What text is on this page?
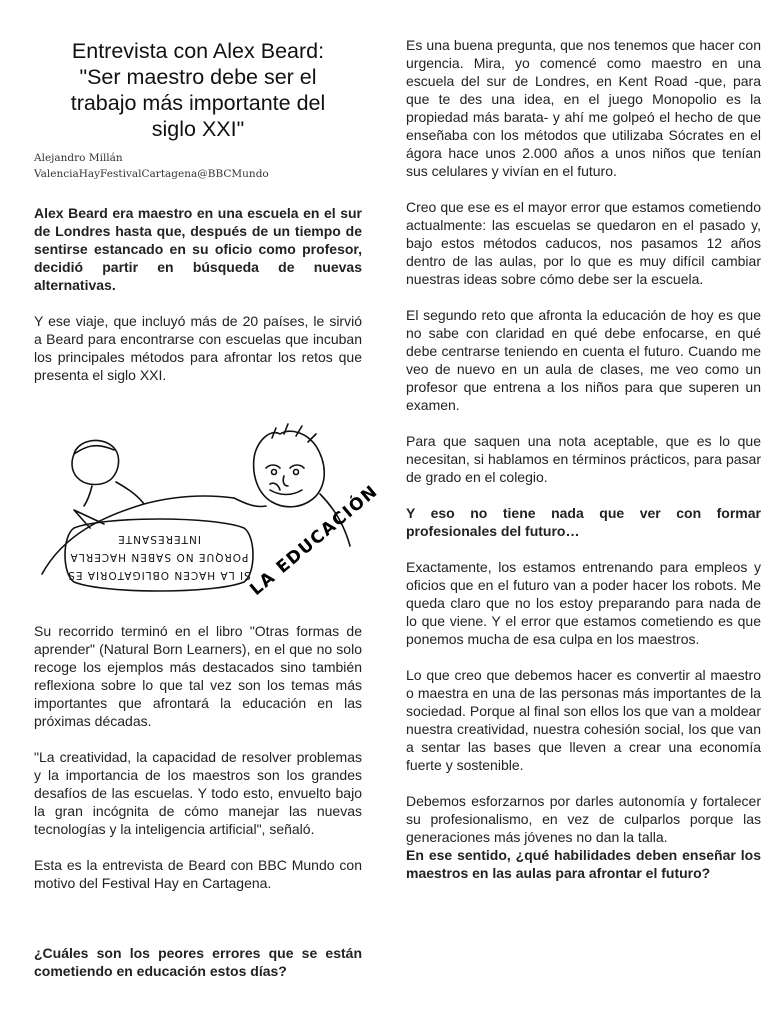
Entrevista con Alex Beard:
"Ser maestro debe ser el
trabajo más importante del
siglo XXI"
Alejandro Millán
ValenciaHayFestivalCartagena@BBCMundo

Alex Beard era maestro en una escuela en el sur de Londres hasta que, después de un tiempo de sentirse estancado en su oficio como profesor, decidió partir en búsqueda de nuevas alternativas.

Y ese viaje, que incluyó más de 20 países, le sirvió a Beard para encontrarse con escuelas que incuban los principales métodos para afrontar los retos que presenta el siglo XXI.

SI LA HACEN OBLIGATORIA ES
PORQUE NO SABEN HACERLA
INTERESANTE	LA EDUCACIÓN

Su recorrido terminó en el libro "Otras formas de aprender" (Natural Born Learners), en el que no solo recoge los ejemplos más destacados sino también reflexiona sobre lo que tal vez son los temas más importantes que afrontará la educación en las próximas décadas.

"La creatividad, la capacidad de resolver problemas y la importancia de los maestros son los grandes desafíos de las escuelas. Y todo esto, envuelto bajo la gran incógnita de cómo manejar las nuevas tecnologías y la inteligencia artificial", señaló.

Esta es la entrevista de Beard con BBC Mundo con motivo del Festival Hay en Cartagena.

¿Cuáles son los peores errores que se están cometiendo en educación estos días?

Es una buena pregunta, que nos tenemos que hacer con urgencia. Mira, yo comencé como maestro en una escuela del sur de Londres, en Kent Road -que, para que te des una idea, en el juego Monopolio es la propiedad más barata- y ahí me golpeó el hecho de que enseñaba con los métodos que utilizaba Sócrates en el ágora hace unos 2.000 años a unos niños que tenían sus celulares y vivían en el futuro.

Creo que ese es el mayor error que estamos cometiendo actualmente: las escuelas se quedaron en el pasado y, bajo estos métodos caducos, nos pasamos 12 años dentro de las aulas, por lo que es muy difícil cambiar nuestras ideas sobre cómo debe ser la escuela.

El segundo reto que afronta la educación de hoy es que no sabe con claridad en qué debe enfocarse, en qué debe centrarse teniendo en cuenta el futuro. Cuando me veo de nuevo en un aula de clases, me veo como un profesor que entrena a los niños para que superen un examen.

Para que saquen una nota aceptable, que es lo que necesitan, si hablamos en términos prácticos, para pasar de grado en el colegio.

Y eso no tiene nada que ver con formar profesionales del futuro…

Exactamente, los estamos entrenando para empleos y oficios que en el futuro van a poder hacer los robots. Me queda claro que no los estoy preparando para nada de lo que viene. Y el error que estamos cometiendo es que ponemos mucha de esa culpa en los maestros.

Lo que creo que debemos hacer es convertir al maestro o maestra en una de las personas más importantes de la sociedad. Porque al final son ellos los que van a moldear nuestra creatividad, nuestra cohesión social, los que van a sentar las bases que lleven a crear una economía fuerte y sostenible.

Debemos esforzarnos por darles autonomía y fortalecer su profesionalismo, en vez de culparlos porque las generaciones más jóvenes no dan la talla.

En ese sentido, ¿qué habilidades deben enseñar los maestros en las aulas para afrontar el futuro?
